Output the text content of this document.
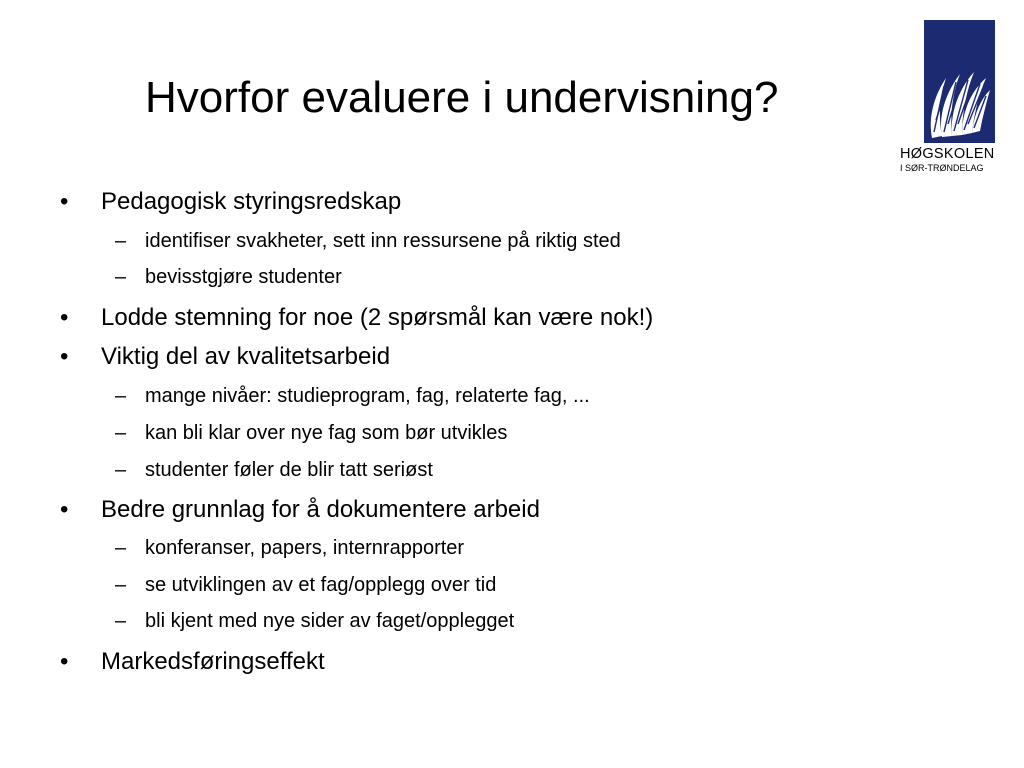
Hvorfor evaluere i undervisning?
HØGSKOLEN
I SØR-TRØNDELAG
•	Pedagogisk styringsredskap
– identifiser svakheter, sett inn ressursene på riktig sted
– bevisstgjøre studenter
•	Lodde stemning for noe (2 spørsmål kan være nok!)
•	Viktig del av kvalitetsarbeid
– mange nivåer: studieprogram, fag, relaterte fag, ...
– kan bli klar over nye fag som bør utvikles
– studenter føler de blir tatt seriøst
•	Bedre grunnlag for å dokumentere arbeid
– konferanser, papers, internrapporter
– se utviklingen av et fag/opplegg over tid
– bli kjent med nye sider av faget/opplegget
•	Markedsføringseffekt
